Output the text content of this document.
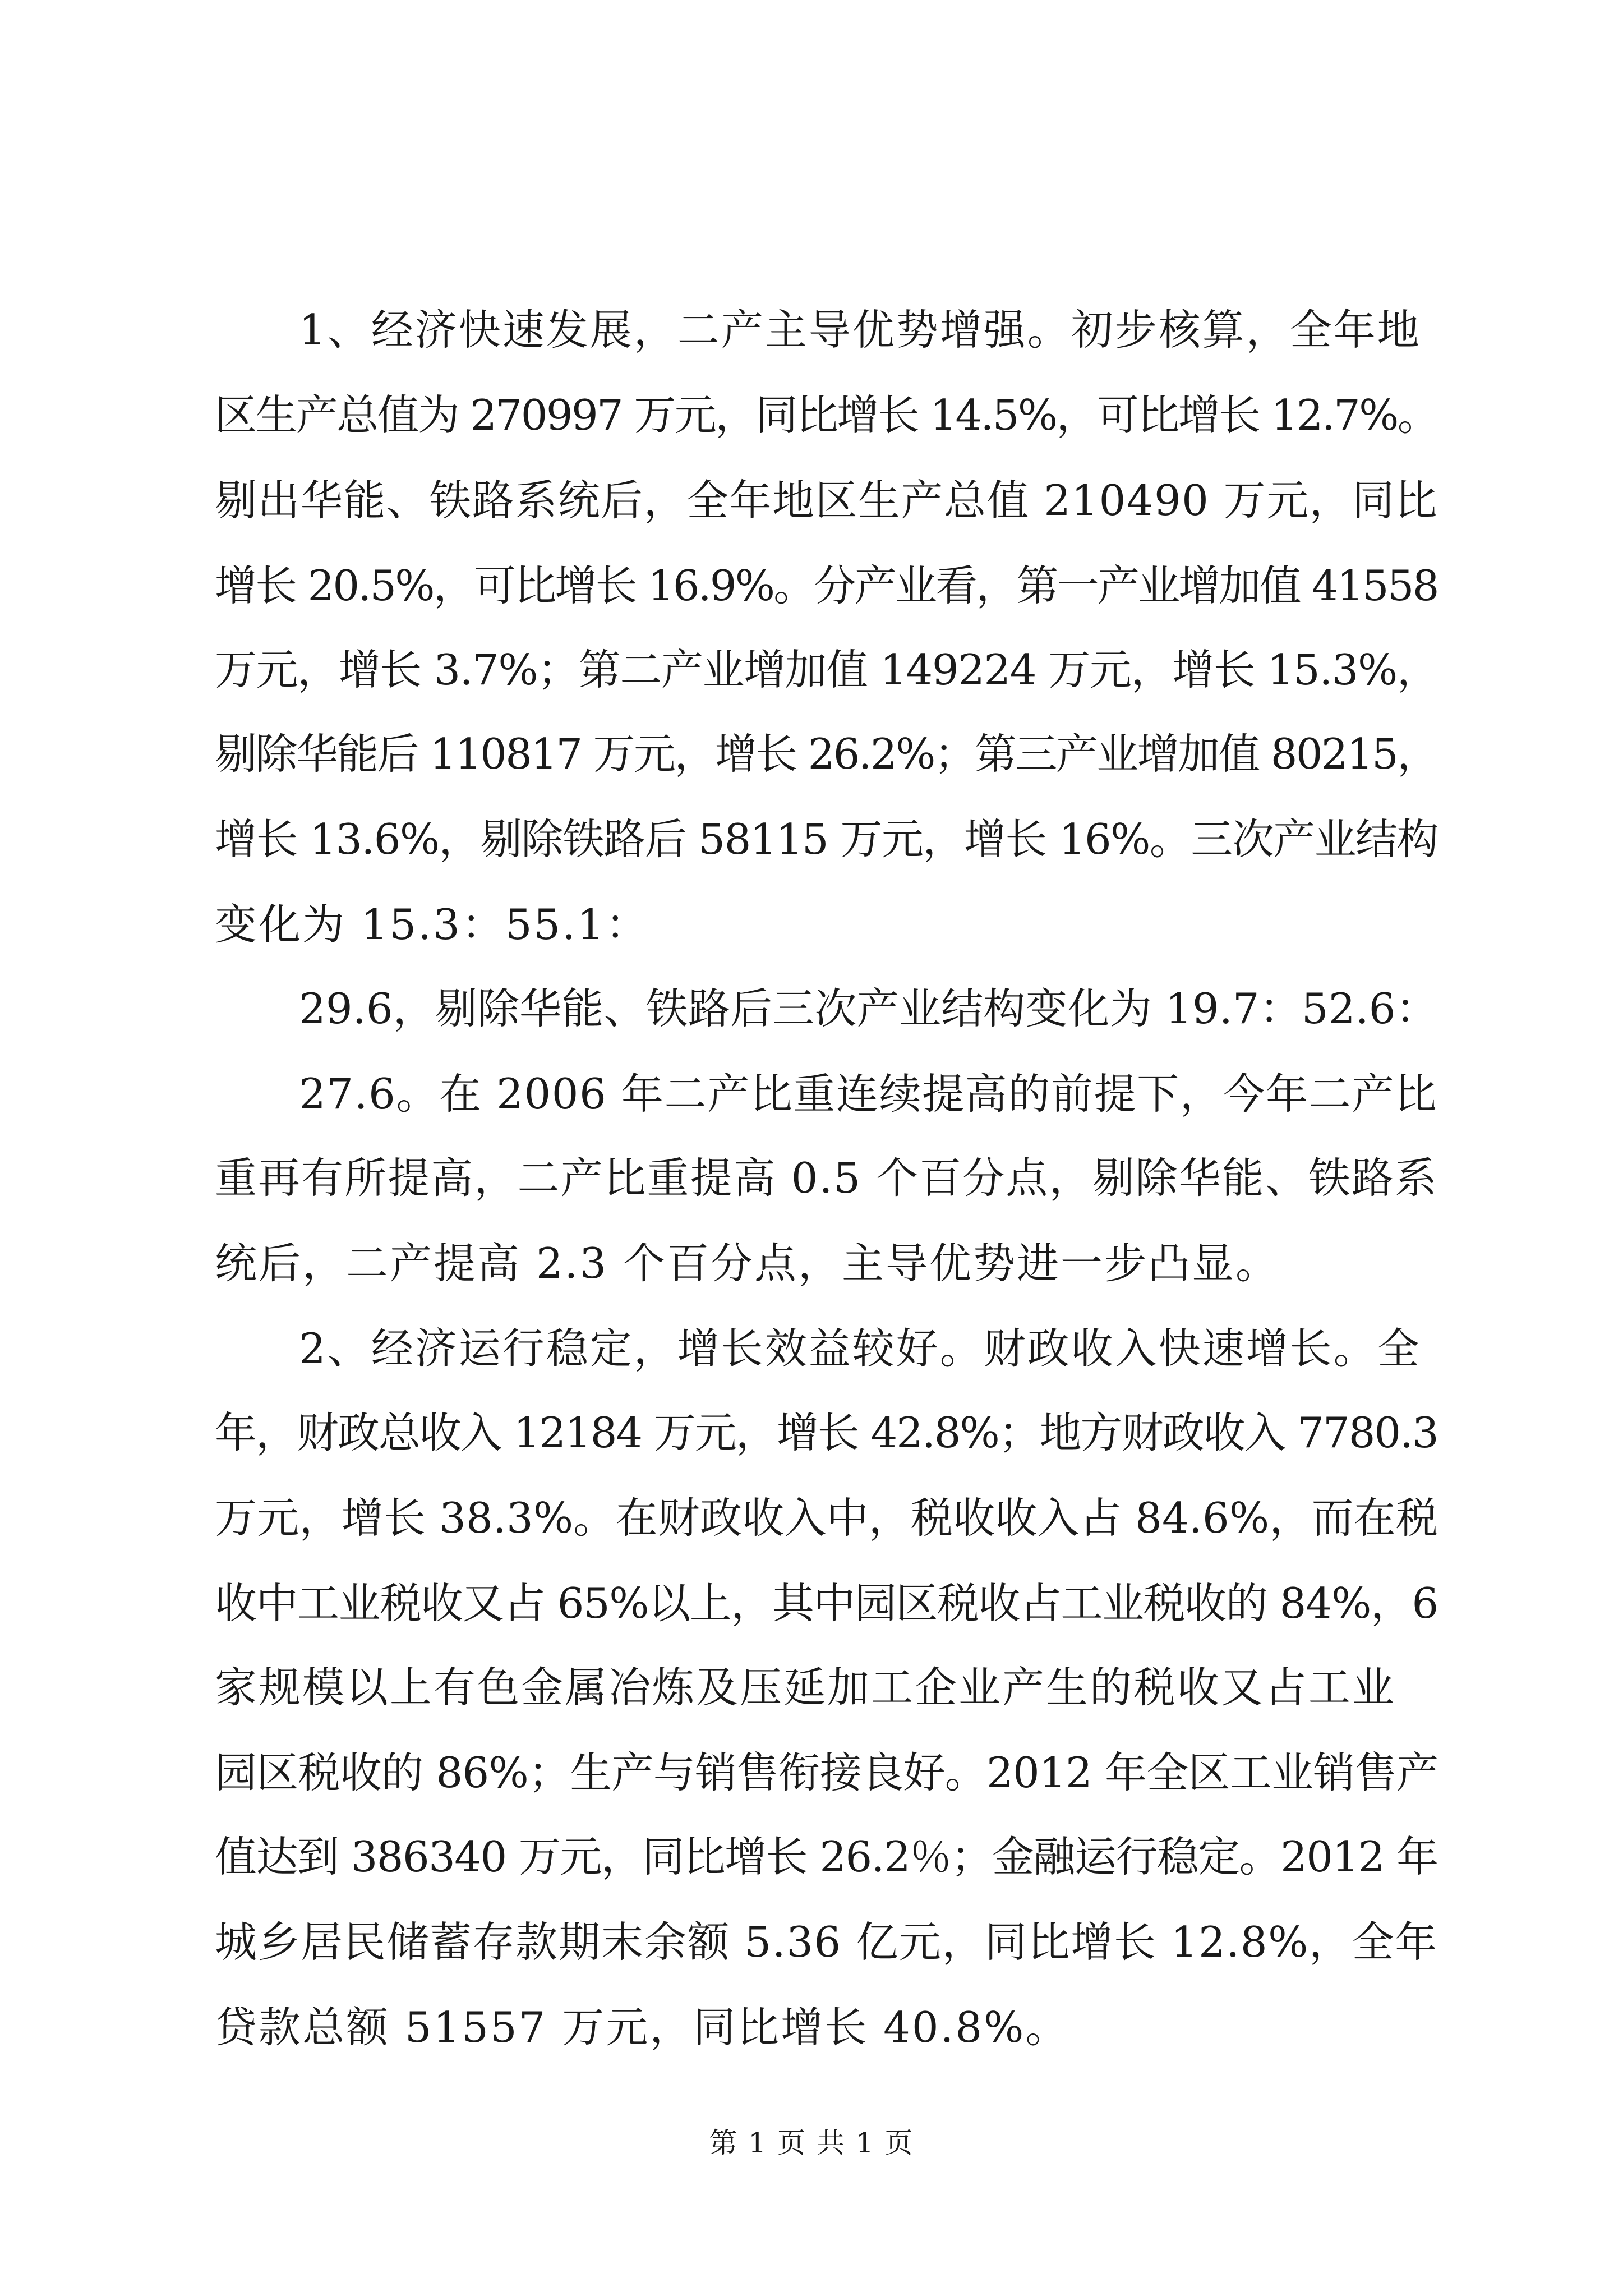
1、经济快速发展，二产主导优势增强。初步核算，全年地
区生产总值为 270997 万元，同比增长 14.5%，可比增长 12.7%。
剔出华能、铁路系统后，全年地区生产总值 210490 万元，同比
增长 20.5%，可比增长 16.9%。分产业看，第一产业增加值 41558
万元，增长 3.7%；第二产业增加值 149224 万元，增长 15.3%，
剔除华能后 110817 万元，增长 26.2%；第三产业增加值 80215，
增长 13.6%，剔除铁路后 58115 万元，增长 16%。三次产业结构
变化为 15.3：55.1：
29.6，剔除华能、铁路后三次产业结构变化为 19.7：52.6：
27.6。在 2006 年二产比重连续提高的前提下，今年二产比
重再有所提高，二产比重提高 0.5 个百分点，剔除华能、铁路系
统后，二产提高 2.3 个百分点，主导优势进一步凸显。
2、经济运行稳定，增长效益较好。财政收入快速增长。全
年，财政总收入 12184 万元，增长 42.8%；地方财政收入 7780.3
万元，增长 38.3%。在财政收入中，税收收入占 84.6%，而在税
收中工业税收又占 65%以上，其中园区税收占工业税收的 84%，6
家规模以上有色金属冶炼及压延加工企业产生的税收又占工业
园区税收的 86%；生产与销售衔接良好。2012 年全区工业销售产
值达到 386340 万元，同比增长 26.2％；金融运行稳定。2012 年
城乡居民储蓄存款期末余额 5.36 亿元，同比增长 12.8%，全年
贷款总额 51557 万元，同比增长 40.8%。
第 1 页 共 1 页
